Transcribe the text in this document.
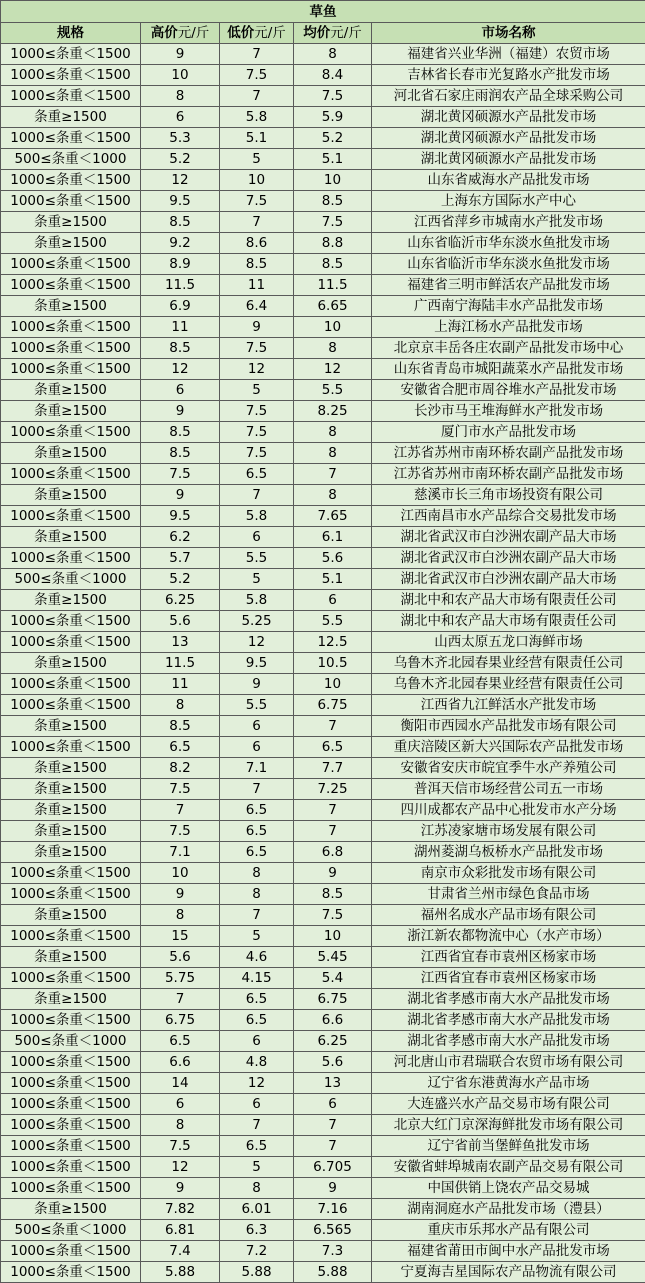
草鱼				
规格	高价元/斤	低价元/斤	均价元/斤	市场名称
1000≤条重＜1500	9	7	8	福建省兴业华洲（福建）农贸市场
1000≤条重＜1500	10	7.5	8.4	吉林省长春市光复路水产批发市场
1000≤条重＜1500	8	7	7.5	河北省石家庄雨润农产品全球采购公司
条重≥1500	6	5.8	5.9	湖北黄冈硕源水产品批发市场
1000≤条重＜1500	5.3	5.1	5.2	湖北黄冈硕源水产品批发市场
500≤条重＜1000	5.2	5	5.1	湖北黄冈硕源水产品批发市场
1000≤条重＜1500	12	10	10	山东省威海水产品批发市场
1000≤条重＜1500	9.5	7.5	8.5	上海东方国际水产中心
条重≥1500	8.5	7	7.5	江西省萍乡市城南水产批发市场
条重≥1500	9.2	8.6	8.8	山东省临沂市华东淡水鱼批发市场
1000≤条重＜1500	8.9	8.5	8.5	山东省临沂市华东淡水鱼批发市场
1000≤条重＜1500	11.5	11	11.5	福建省三明市鲜活农产品批发市场
条重≥1500	6.9	6.4	6.65	广西南宁海陆丰水产品批发市场
1000≤条重＜1500	11	9	10	上海江杨水产品批发市场
1000≤条重＜1500	8.5	7.5	8	北京京丰岳各庄农副产品批发市场中心
1000≤条重＜1500	12	12	12	山东省青岛市城阳蔬菜水产品批发市场
条重≥1500	6	5	5.5	安徽省合肥市周谷堆水产品批发市场
条重≥1500	9	7.5	8.25	长沙市马王堆海鲜水产批发市场
1000≤条重＜1500	8.5	7.5	8	厦门市水产品批发市场
条重≥1500	8.5	7.5	8	江苏省苏州市南环桥农副产品批发市场
1000≤条重＜1500	7.5	6.5	7	江苏省苏州市南环桥农副产品批发市场
条重≥1500	9	7	8	慈溪市长三角市场投资有限公司
1000≤条重＜1500	9.5	5.8	7.65	江西南昌市水产品综合交易批发市场
条重≥1500	6.2	6	6.1	湖北省武汉市白沙洲农副产品大市场
1000≤条重＜1500	5.7	5.5	5.6	湖北省武汉市白沙洲农副产品大市场
500≤条重＜1000	5.2	5	5.1	湖北省武汉市白沙洲农副产品大市场
条重≥1500	6.25	5.8	6	湖北中和农产品大市场有限责任公司
1000≤条重＜1500	5.6	5.25	5.5	湖北中和农产品大市场有限责任公司
1000≤条重＜1500	13	12	12.5	山西太原五龙口海鲜市场
条重≥1500	11.5	9.5	10.5	乌鲁木齐北园春果业经营有限责任公司
1000≤条重＜1500	11	9	10	乌鲁木齐北园春果业经营有限责任公司
1000≤条重＜1500	8	5.5	6.75	江西省九江鲜活水产批发市场
条重≥1500	8.5	6	7	衡阳市西园水产品批发市场有限公司
1000≤条重＜1500	6.5	6	6.5	重庆涪陵区新大兴国际农产品批发市场
条重≥1500	8.2	7.1	7.7	安徽省安庆市皖宜季牛水产养殖公司
条重≥1500	7.5	7	7.25	普洱天信市场经营公司五一市场
条重≥1500	7	6.5	7	四川成都农产品中心批发市水产分场
条重≥1500	7.5	6.5	7	江苏凌家塘市场发展有限公司
条重≥1500	7.1	6.5	6.8	湖州菱湖乌板桥水产品批发市场
1000≤条重＜1500	10	8	9	南京市众彩批发市场有限公司
1000≤条重＜1500	9	8	8.5	甘肃省兰州市绿色食品市场
条重≥1500	8	7	7.5	福州名成水产品市场有限公司
1000≤条重＜1500	15	5	10	浙江新农都物流中心（水产市场）
条重≥1500	5.6	4.6	5.45	江西省宜春市袁州区杨家市场
1000≤条重＜1500	5.75	4.15	5.4	江西省宜春市袁州区杨家市场
条重≥1500	7	6.5	6.75	湖北省孝感市南大水产品批发市场
1000≤条重＜1500	6.75	6.5	6.6	湖北省孝感市南大水产品批发市场
500≤条重＜1000	6.5	6	6.25	湖北省孝感市南大水产品批发市场
1000≤条重＜1500	6.6	4.8	5.6	河北唐山市君瑞联合农贸市场有限公司
1000≤条重＜1500	14	12	13	辽宁省东港黄海水产品市场
1000≤条重＜1500	6	6	6	大连盛兴水产品交易市场有限公司
1000≤条重＜1500	8	7	7	北京大红门京深海鲜批发市场有限公司
1000≤条重＜1500	7.5	6.5	7	辽宁省前当堡鲜鱼批发市场
1000≤条重＜1500	12	5	6.705	安徽省蚌埠城南农副产品交易有限公司
1000≤条重＜1500	9	8	9	中国供销上饶农产品交易城
条重≥1500	7.82	6.01	7.16	湖南洞庭水产品批发市场（澧县）
500≤条重＜1000	6.81	6.3	6.565	重庆市乐邦水产品有限公司
1000≤条重＜1500	7.4	7.2	7.3	福建省莆田市闽中水产品批发市场
1000≤条重＜1500	5.88	5.88	5.88	宁夏海吉星国际农产品物流有限公司
